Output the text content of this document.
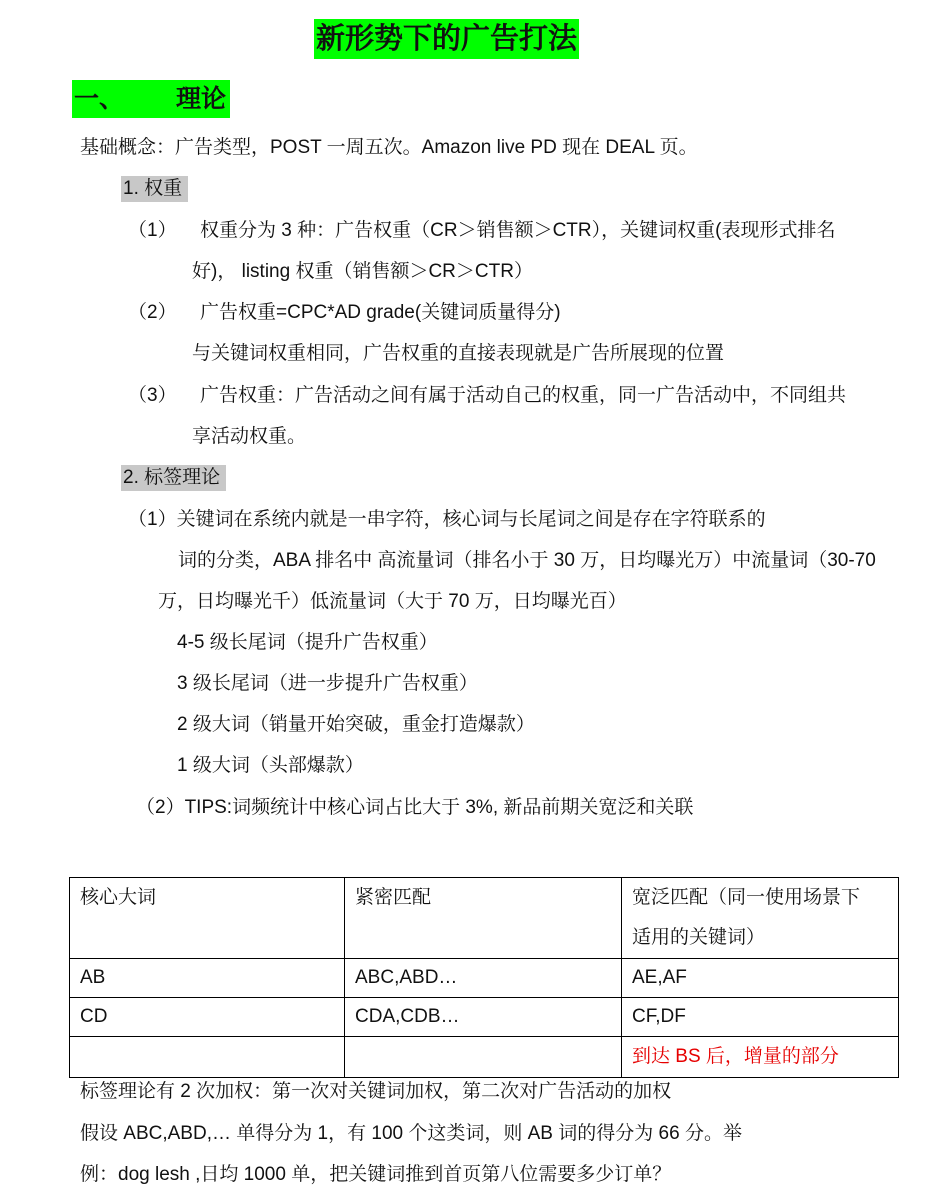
新形势下的广告打法
一、 理论
基础概念：广告类型，POST 一周五次。Amazon live PD 现在 DEAL 页。
1. 权重
（1） 权重分为 3 种：广告权重（CR＞销售额＞CTR），关键词权重(表现形式排名
好)， listing 权重（销售额＞CR＞CTR）
（2） 广告权重=CPC*AD grade(关键词质量得分)
与关键词权重相同，广告权重的直接表现就是广告所展现的位置
（3） 广告权重：广告活动之间有属于活动自己的权重，同一广告活动中，不同组共
享活动权重。
2. 标签理论
（1）关键词在系统内就是一串字符，核心词与长尾词之间是存在字符联系的
词的分类，ABA 排名中 高流量词（排名小于 30 万，日均曝光万）中流量词（30-70
万，日均曝光千）低流量词（大于 70 万，日均曝光百）
4-5 级长尾词（提升广告权重）
3 级长尾词（进一步提升广告权重）
2 级大词（销量开始突破，重金打造爆款）
1 级大词（头部爆款）
（2）TIPS:词频统计中核心词占比大于 3%, 新品前期关宽泛和关联
核心大词	紧密匹配	宽泛匹配（同一使用场景下
适用的关键词）

AB	ABC,ABD…	AE,AF
CD	CDA,CDB…	CF,DF
		到达 BS 后，增量的部分
标签理论有 2 次加权：第一次对关键词加权，第二次对广告活动的加权
假设 ABC,ABD,… 单得分为 1，有 100 个这类词，则 AB 词的得分为 66 分。举
例：dog lesh ,日均 1000 单，把关键词推到首页第八位需要多少订单？
